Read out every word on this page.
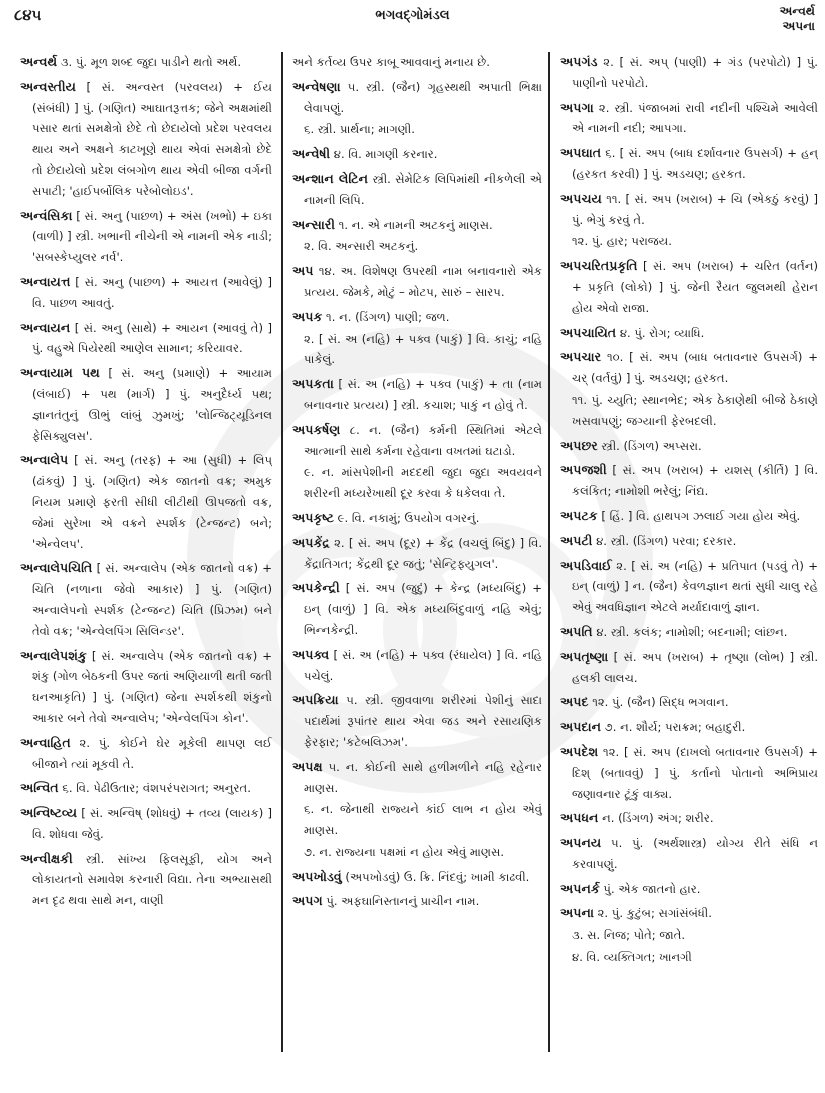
૮૪૫	ભગવદ્ગોમંડલ	અન્વર્થ
અપના

અન્વર્થ ૩. પું. મૂળ શબ્દ જુદા પાડીને થતો અર્થ.

અન્વસ્તીય [ સં. અન્વસ્ત (પરવલય) + ઈય (સંબંધી) ] પું. (ગણિત) આઘાતરૂત્તક; જેને અક્ષમાંથી પસાર થતાં સમક્ષેત્રો છેદે તો છેદાયેલો પ્રદેશ પરવલય થાય અને અક્ષને કાટખૂણે થાય એવાં સમક્ષેત્રો છેદે તો છેદાયેલો પ્રદેશ લંબગોળ થાય એવી બીજા વર્ગની સપાટી; 'હાઈપર્બોલિક પરેબોલોઇડ'.

અન્વંસિકા [ સં. અનુ (પાછળ) + અંસ (ખભો) + ઇકા (વાળી) ] સ્ત્રી. ખભાની નીચેની એ નામની એક નાડી; 'સબસ્કેપ્યુલર નર્વ'.

અન્વાયત્ત [ સં. અનુ (પાછળ) + આયત્ત (આવેલું) ] વિ. પાછળ આવતું.

અન્વાયન [ સં. અનુ (સાથે) + આયન (આવવું તે) ] પું. વહુએ પિયેરથી આણેલ સામાન; કરિયાવર.

અન્વાયામ પથ [ સં. અનુ (પ્રમાણે) + આયામ (લંબાઈ) + પથ (માર્ગ) ] પું. અનુદૈર્ધ્ય પથ; જ્ઞાનતંતુનું ઊભું લાંબું ઝુમખું; 'લોન્જિટ્યૂડિનલ ફેસિક્યુલસ'.

અન્વાલેપ [ સં. અનુ (તરફ) + આ (સુધી) + લિપ્ (ઢાંકવું) ] પું. (ગણિત) એક જાતનો વક્ર; અમુક નિયમ પ્રમાણે ફરતી સીધી લીટીથી ઊપજતો વક્ર, જેમાં સુરેખા એ વક્રને સ્પર્શક (ટેન્જન્ટ) બને; 'એન્વેલપ'.

અન્વાલેપચિતિ [ સં. અન્વાલેપ (એક જાતનો વક્ર) + ચિતિ (નળાના જેવો આકાર) ] પું. (ગણિત) અન્વાલેપનો સ્પર્શક (ટેન્જન્ટ) ચિતિ (પ્રિઝમ) બને તેવો વક્ર; 'એન્વેલપિંગ સિલિન્ડર'.

અન્વાલેપશંકુ [ સં. અન્વાલેપ (એક જાતનો વક્ર) + શંકુ (ગોળ બેઠકની ઉપર જતાં અણિયાળી થતી જતી ઘનઆકૃતિ) ] પું. (ગણિત) જેના સ્પર્શકથી શંકુનો આકાર બને તેવો અન્વાલેપ; 'એન્વેલપિંગ કોન'.

અન્વાહિત ૨. પું. કોઈને ઘેર મૂકેલી થાપણ લઈ બીજાને ત્યાં મૂકવી તે.

અન્વિત ૬. વિ. પેઢીઉતાર; વંશપરંપરાગત; અનુરત.

અન્વિષ્ટવ્ય [ સં. અન્વિષ્ (શોધવું) + તવ્ય (લાયક) ] વિ. શોધવા જેવું.

અન્વીક્ષકી સ્ત્રી. સાંખ્ય ફિલસૂફી, યોગ અને લોકાયતનો સમાવેશ કરનારી વિદ્યા. તેના અભ્યાસથી મન દૃઢ થવા સાથે મન, વાણી

અને કર્તવ્ય ઉપર કાબૂ આવવાનું મનાય છે.

અન્વેષણા ૫. સ્ત્રી. (જૈન) ગૃહસ્થથી અપાતી ભિક્ષા લેવાપણું.

૬. સ્ત્રી. પ્રાર્થના; માગણી.

અન્વેષી ૪. વિ. માગણી કરનાર.

અન્શાન લેટિન સ્ત્રી. સેમેટિક લિપિમાંથી નીકળેલી એ નામની લિપિ.

અન્સારી ૧. ન. એ નામની અટકનું માણસ.

૨. વિ. અન્સારી અટકનું.

અપ ૧૪. અ. વિશેષણ ઉપરથી નામ બનાવનારો એક પ્રત્યય. જેમકે, મોટું – મોટપ, સારું – સારપ.

અપક ૧. ન. (ડિંગળ) પાણી; જળ.

૨. [ સં. અ (નહિ) + પક્વ (પાકું) ] વિ. કાચું; નહિ પાકેલું.

અપકતા [ સં. અ (નહિ) + પક્વ (પાકું) + તા (નામ બનાવનાર પ્રત્યય) ] સ્ત્રી. કચાશ; પાકું ન હોવું તે.

અપકર્ષણ ૮. ન. (જૈન) કર્મની સ્થિતિમાં એટલે આત્માની સાથે કર્મના રહેવાના વખતમાં ઘટાડો.

૯. ન. માંસપેશીની મદદથી જુદા જુદા અવયવને શરીરની મધ્યરેખાથી દૂર કરવા કે ધકેલવા તે.

અપકૃષ્ટ ૯. વિ. નકામું; ઉપયોગ વગરનું.

અપકેંદ્ર ૨. [ સં. અપ (દૂર) + કેંદ્ર (વચલું બિંદુ) ] વિ. કેંદ્રાતિગત; કેંદ્રથી દૂર જતું; 'સેન્ટ્રિફ્યુગલ'.

અપકેન્દ્રી [ સં. અપ (જુદું) + કેન્દ્ર (મધ્યબિંદુ) + ઇન્ (વાળું) ] વિ. એક મધ્યબિંદુવાળું નહિ એવું; ભિન્નકેન્દ્રી.

અપક્વ [ સં. અ (નહિ) + પક્વ (રંધાયેલ) ] વિ. નહિ પચેલું.

અપક્રિયા ૫. સ્ત્રી. જીવવાળા શરીરમાં પેશીનું સાદા પદાર્થમાં રૂપાંતર થાય એવા જડ અને રસાયણિક ફેરફાર; 'કટેબલિઝમ'.

અપક્ષ ૫. ન. કોઈની સાથે હળીમળીને નહિ રહેનાર માણસ.

૬. ન. જેનાથી રાજ્યને કાંઈ લાભ ન હોય એવું માણસ.

૭. ન. રાજ્યના પક્ષમાં ન હોય એવું માણસ.

અપખોડવું (અપખોડવું) ઉ. ક્રિ. નિંદવું; ખામી કાઢવી.

અપગ પું. અફઘાનિસ્તાનનું પ્રાચીન નામ.

અપગંડ ૨. [ સં. અપ્ (પાણી) + ગંડ (પરપોટો) ] પું. પાણીનો પરપોટો.

અપગા ૨. સ્ત્રી. પંજાબમાં રાવી નદીની પશ્ચિમે આવેલી એ નામની નદી; આપગા.

અપઘાત ૬. [ સં. અપ (બાધ દર્શાવનાર ઉપસર્ગ) + હન્ (હરકત કરવી) ] પું. અડચણ; હરકત.

અપચય ૧૧. [ સં. અપ (ખરાબ) + ચિ (એકઠું કરવું) ] પું. ભેગું કરવું તે.

૧૨. પું. હાર; પરાજય.

અપચરિતપ્રકૃતિ [ સં. અપ (ખરાબ) + ચરિત (વર્તન) + પ્રકૃતિ (લોકો) ] પું. જેની રૈયત જુલમથી હેરાન હોય એવો રાજા.

અપચાયિત ૪. પું. રોગ; વ્યાધિ.

અપચાર ૧૦. [ સં. અપ (બાધ બતાવનાર ઉપસર્ગ) + ચર્ (વર્તવું) ] પું. અડચણ; હરકત.

૧૧. પું. ચ્યુતિ; સ્થાનભેદ; એક ઠેકાણેથી બીજે ઠેકાણે ખસવાપણું; જગ્યાની ફેરબદલી.

અપછર સ્ત્રી. (ડિંગળ) અપ્સરા.

અપજશી [ સં. અપ (ખરાબ) + યશસ્ (કીર્તિ) ] વિ. કલંકિત; નામોશી ભરેલું; નિંદ્ય.

અપટક [ હિં. ] વિ. હાથપગ ઝલાઈ ગયા હોય એવું.

અપટી ૪. સ્ત્રી. (ડિંગળ) પરવા; દરકાર.

અપડિવાઈ ૨. [ સં. અ (નહિ) + પ્રતિપાત (પડવું તે) + ઇન્ (વાળું) ] ન. (જૈન) કેવળજ્ઞાન થતાં સુધી ચાલુ રહે એવું અવધિજ્ઞાન એટલે મર્યાદાવાળું જ્ઞાન.

અપતિ ૪. સ્ત્રી. કલંક; નામોશી; બદનામી; લાંછન.

અપતૃષ્ણા [ સં. અપ (ખરાબ) + તૃષ્ણા (લોભ) ] સ્ત્રી. હલકી લાલચ.

અપદ ૧૨. પું. (જૈન) સિદ્ધ ભગવાન.

અપદાન ૭. ન. શૌર્ય; પરાક્રમ; બહાદુરી.

અપદેશ ૧૨. [ સં. અપ (દાખલો બતાવનાર ઉપસર્ગ) + દિશ્ (બતાવવું) ] પું. કર્તાનો પોતાનો અભિપ્રાય જણાવનાર ટૂંકું વાક્ય.

અપધન ન. (ડિંગળ) અંગ; શરીર.

અપનય ૫. પું. (અર્થશાસ્ત્ર) યોગ્ય રીતે સંધિ ન કરવાપણું.

અપનર્ક પું. એક જાતનો હાર.

અપના ૨. પું. કુટુંબ; સગાંસંબંધી.

૩. સ. નિજ; પોતે; જાતે.

૪. વિ. વ્યક્તિગત; ખાનગી
